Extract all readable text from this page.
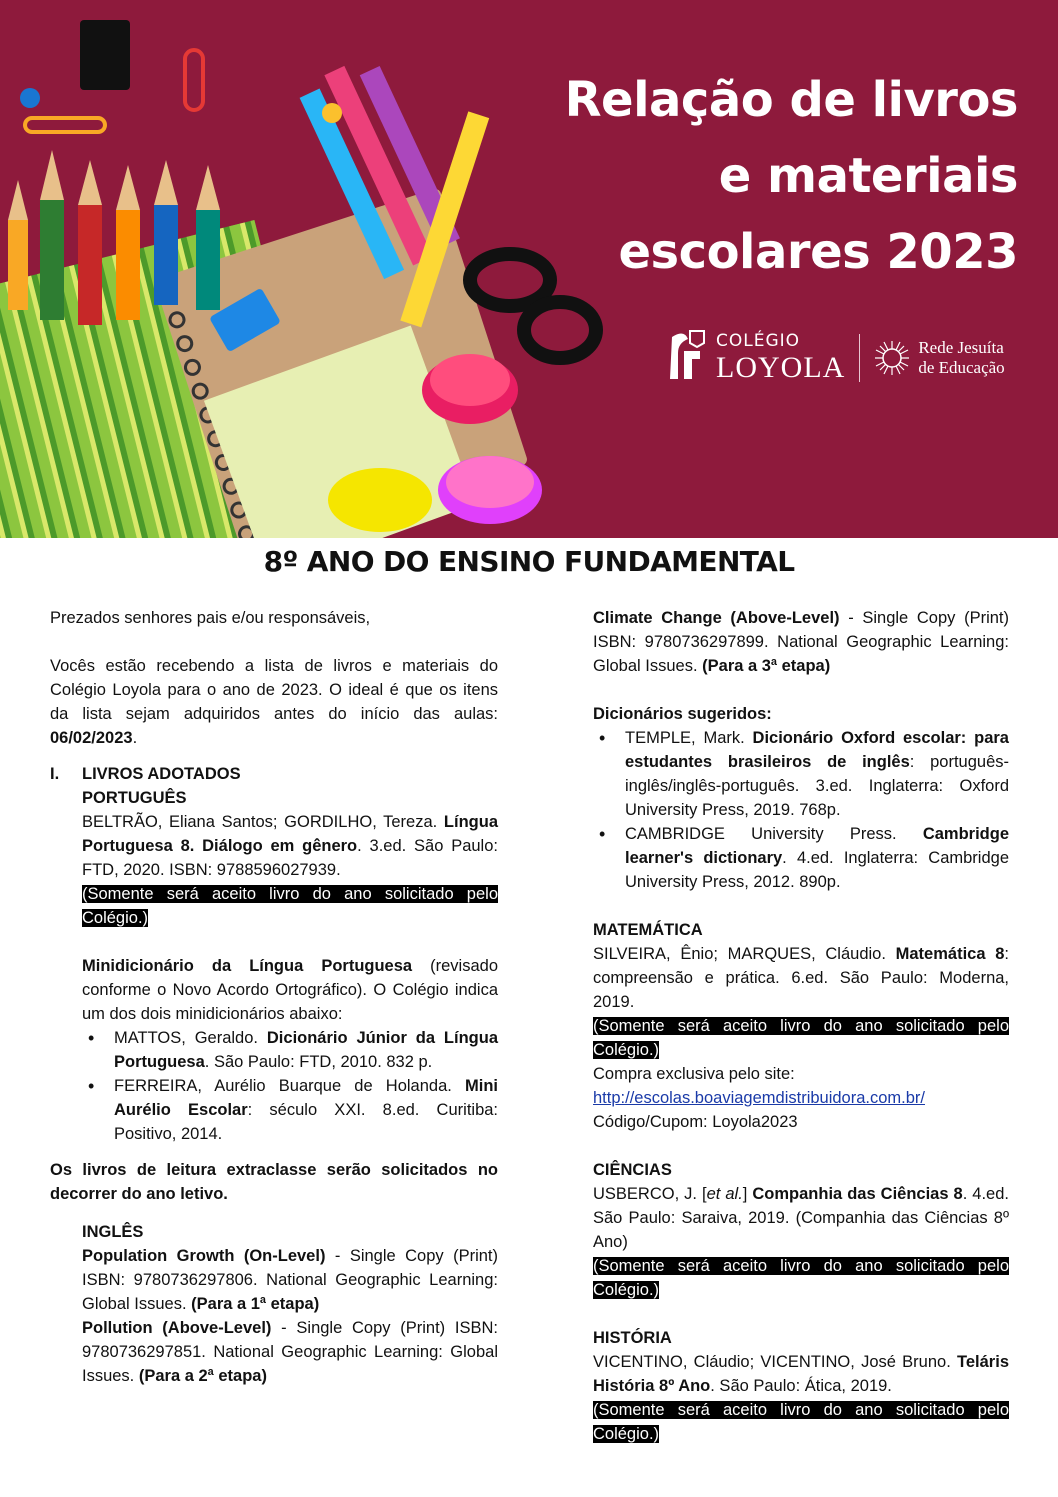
Relação de livros
e materiais
escolares 2023
COLÉGIO
LOYOLA
Rede Jesuíta
de Educação
8º ANO DO ENSINO FUNDAMENTAL

Prezados senhores pais e/ou responsáveis,

Vocês estão recebendo a lista de livros e materiais do Colégio Loyola para o ano de 2023. O ideal é que os itens da lista sejam adquiridos antes do início das aulas: 06/02/2023.

I.	LIVROS ADOTADOS
PORTUGUÊS

BELTRÃO, Eliana Santos; GORDILHO, Tereza. Língua Portuguesa 8. Diálogo em gênero. 3.ed. São Paulo: FTD, 2020. ISBN: 9788596027939.

(Somente será aceito livro do ano solicitado pelo Colégio.)

Minidicionário da Língua Portuguesa (revisado conforme o Novo Acordo Ortográfico). O Colégio indica um dos dois minidicionários abaixo:

• MATTOS, Geraldo. Dicionário Júnior da Língua Portuguesa. São Paulo: FTD, 2010. 832 p.
• FERREIRA, Aurélio Buarque de Holanda. Mini Aurélio Escolar: século XXI. 8.ed. Curitiba: Positivo, 2014.

Os livros de leitura extraclasse serão solicitados no decorrer do ano letivo.

INGLÊS

Population Growth (On-Level) - Single Copy (Print) ISBN: 9780736297806. National Geographic Learning: Global Issues. (Para a 1ª etapa)

Pollution (Above-Level) - Single Copy (Print) ISBN: 9780736297851. National Geographic Learning: Global Issues. (Para a 2ª etapa)

Climate Change (Above-Level) - Single Copy (Print) ISBN: 9780736297899. National Geographic Learning: Global Issues. (Para a 3ª etapa)

Dicionários sugeridos:
• TEMPLE, Mark. Dicionário Oxford escolar: para estudantes brasileiros de inglês: português-inglês/inglês-português. 3.ed. Inglaterra: Oxford University Press, 2019. 768p.
• CAMBRIDGE University Press. Cambridge learner's dictionary. 4.ed. Inglaterra: Cambridge University Press, 2012. 890p.
MATEMÁTICA

SILVEIRA, Ênio; MARQUES, Cláudio. Matemática 8: compreensão e prática. 6.ed. São Paulo: Moderna, 2019.

(Somente será aceito livro do ano solicitado pelo Colégio.)

Compra exclusiva pelo site:

http://escolas.boaviagemdistribuidora.com.br/

Código/Cupom: Loyola2023

CIÊNCIAS

USBERCO, J. [et al.] Companhia das Ciências 8. 4.ed. São Paulo: Saraiva, 2019. (Companhia das Ciências 8º Ano)

(Somente será aceito livro do ano solicitado pelo Colégio.)

HISTÓRIA

VICENTINO, Cláudio; VICENTINO, José Bruno. Teláris História 8º Ano. São Paulo: Ática, 2019.

(Somente será aceito livro do ano solicitado pelo Colégio.)
